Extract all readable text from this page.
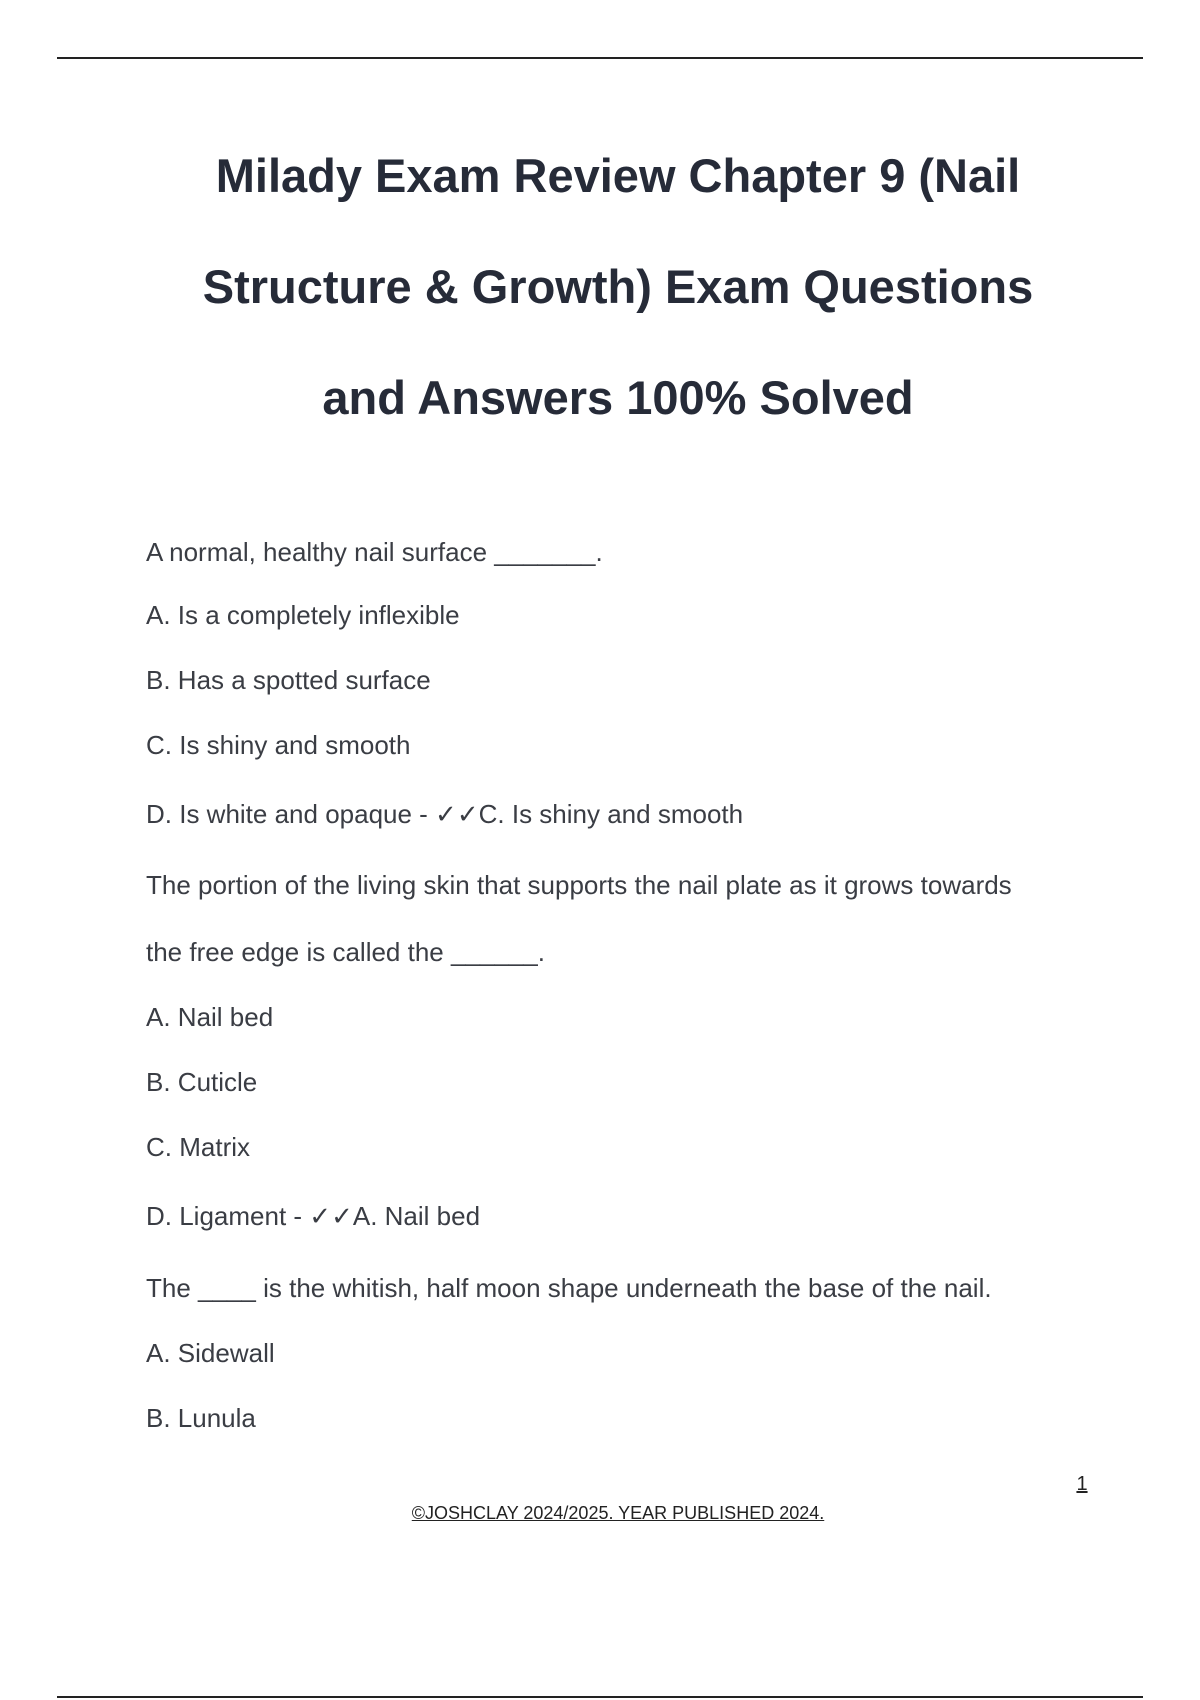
Milady Exam Review Chapter 9 (Nail
Structure & Growth) Exam Questions
and Answers 100% Solved
A normal, healthy nail surface _______.
A. Is a completely inflexible
B. Has a spotted surface
C. Is shiny and smooth
D. Is white and opaque - ✓✓C. Is shiny and smooth
The portion of the living skin that supports the nail plate as it grows towards
the free edge is called the ______.
A. Nail bed
B. Cuticle
C. Matrix
D. Ligament - ✓✓A. Nail bed
The ____ is the whitish, half moon shape underneath the base of the nail.
A. Sidewall
B. Lunula
1
©JOSHCLAY 2024/2025. YEAR PUBLISHED 2024.
